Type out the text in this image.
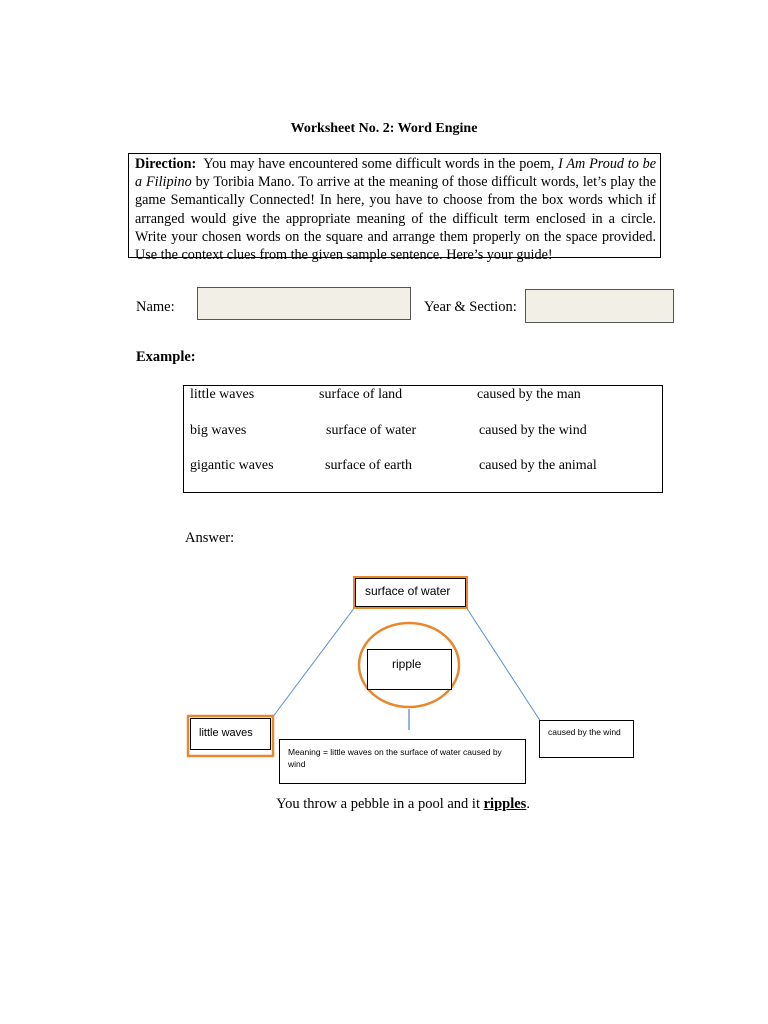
Worksheet No. 2: Word Engine
Direction: You may have encountered some difficult words in the poem, I Am Proud to be a Filipino by Toribia Mano. To arrive at the meaning of those difficult words, let’s play the game Semantically Connected! In here, you have to choose from the box words which if arranged would give the appropriate meaning of the difficult term enclosed in a circle. Write your chosen words on the square and arrange them properly on the space provided. Use the context clues from the given sample sentence. Here’s your guide!
Name:	Year & Section:
Example:
little waves	surface of land	caused by the man
big waves	surface of water	caused by the wind
gigantic waves	surface of earth	caused by the animal
Answer:
surface of water
ripple
little waves	caused by the wind
Meaning = little waves on the surface of water caused by wind
You throw a pebble in a pool and it ripples.
